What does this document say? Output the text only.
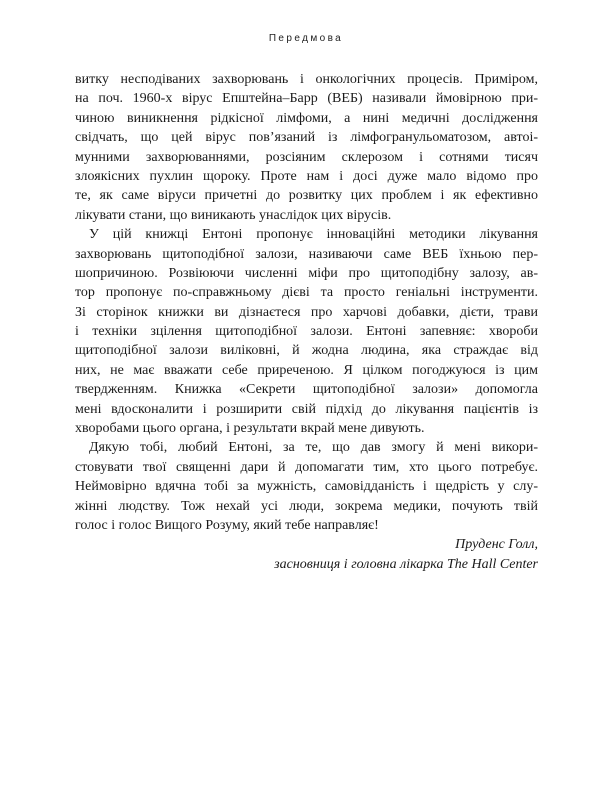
Передмова
витку несподіваних захворювань і онкологічних процесів. Приміром,
на поч. 1960-х вірус Епштейна–Барр (ВЕБ) називали ймовірною при-
чиною виникнення рідкісної лімфоми, а нині медичні дослідження
свідчать, що цей вірус пов’язаний із лімфогранульоматозом, автоі-
мунними захворюваннями, розсіяним склерозом і сотнями тисяч
злоякісних пухлин щороку. Проте нам і досі дуже мало відомо про
те, як саме віруси причетні до розвитку цих проблем і як ефективно
лікувати стани, що виникають унаслідок цих вірусів.
У цій книжці Ентоні пропонує інноваційні методики лікування
захворювань щитоподібної залози, називаючи саме ВЕБ їхньою пер-
шопричиною. Розвіюючи численні міфи про щитоподібну залозу, ав-
тор пропонує по-справжньому дієві та просто геніальні інструменти.
Зі сторінок книжки ви дізнаєтеся про харчові добавки, дієти, трави
і техніки зцілення щитоподібної залози. Ентоні запевняє: хвороби
щитоподібної залози виліковні, й жодна людина, яка страждає від
них, не має вважати себе приреченою. Я цілком погоджуюся із цим
твердженням. Книжка «Секрети щитоподібної залози» допомогла
мені вдосконалити і розширити свій підхід до лікування пацієнтів із
хворобами цього органа, і результати вкрай мене дивують.
Дякую тобі, любий Ентоні, за те, що дав змогу й мені викори-
стовувати твої священні дари й допомагати тим, хто цього потребує.
Неймовірно вдячна тобі за мужність, самовідданість і щедрість у слу-
жінні людству. Тож нехай усі люди, зокрема медики, почують твій
голос і голос Вищого Розуму, який тебе направляє!
Пруденс Голл,
засновниця і головна лікарка The Hall Center
